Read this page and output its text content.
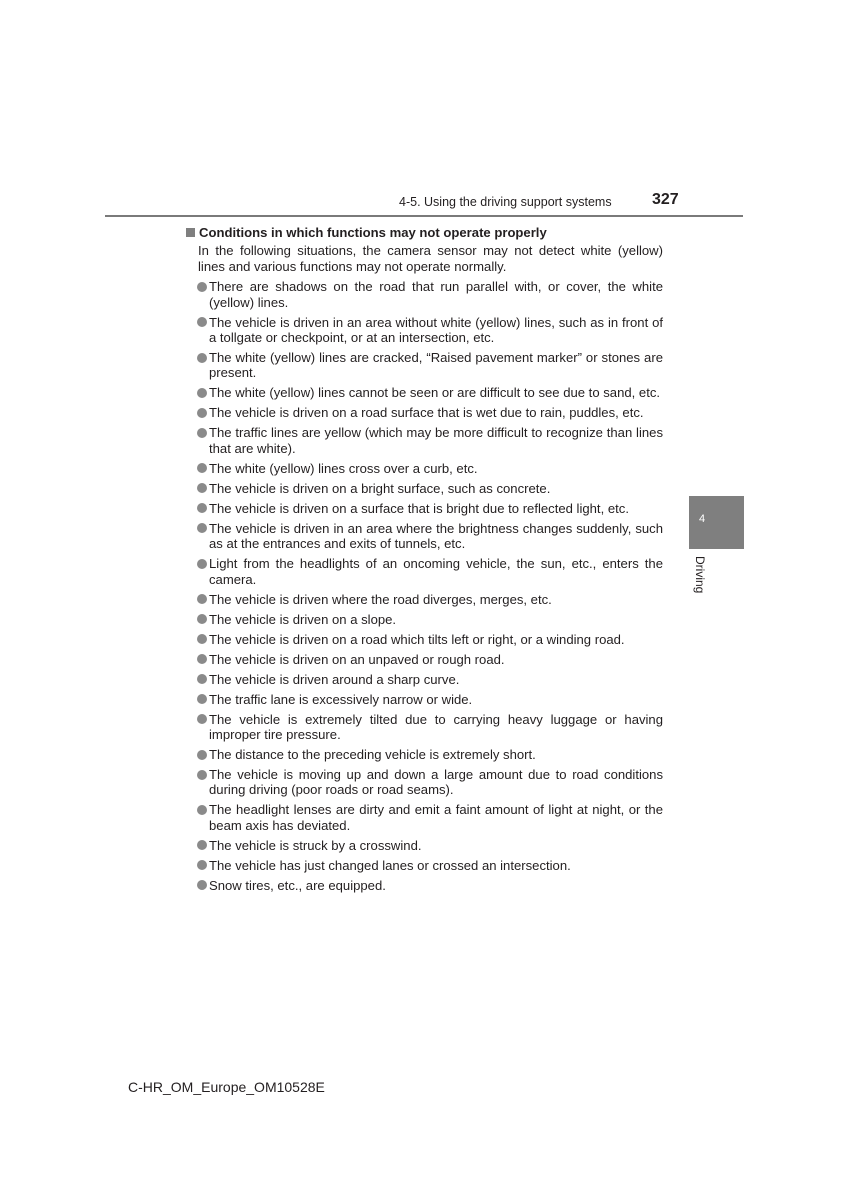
4-5. Using the driving support systems	327
Conditions in which functions may not operate properly
In the following situations, the camera sensor may not detect white (yellow) lines and various functions may not operate normally.
There are shadows on the road that run parallel with, or cover, the white (yellow) lines.
The vehicle is driven in an area without white (yellow) lines, such as in front of a tollgate or checkpoint, or at an intersection, etc.
The white (yellow) lines are cracked, “Raised pavement marker” or stones are present.
The white (yellow) lines cannot be seen or are difficult to see due to sand, etc.
The vehicle is driven on a road surface that is wet due to rain, puddles, etc.
The traffic lines are yellow (which may be more difficult to recognize than lines that are white).
The white (yellow) lines cross over a curb, etc.
The vehicle is driven on a bright surface, such as concrete.
The vehicle is driven on a surface that is bright due to reflected light, etc.
The vehicle is driven in an area where the brightness changes suddenly, such as at the entrances and exits of tunnels, etc.
Light from the headlights of an oncoming vehicle, the sun, etc., enters the camera.
The vehicle is driven where the road diverges, merges, etc.
The vehicle is driven on a slope.
The vehicle is driven on a road which tilts left or right, or a winding road.
The vehicle is driven on an unpaved or rough road.
The vehicle is driven around a sharp curve.
The traffic lane is excessively narrow or wide.
The vehicle is extremely tilted due to carrying heavy luggage or having improper tire pressure.
The distance to the preceding vehicle is extremely short.
The vehicle is moving up and down a large amount due to road conditions during driving (poor roads or road seams).
The headlight lenses are dirty and emit a faint amount of light at night, or the beam axis has deviated.
The vehicle is struck by a crosswind.
The vehicle has just changed lanes or crossed an intersection.
Snow tires, etc., are equipped.
4
Driving
C-HR_OM_Europe_OM10528E
